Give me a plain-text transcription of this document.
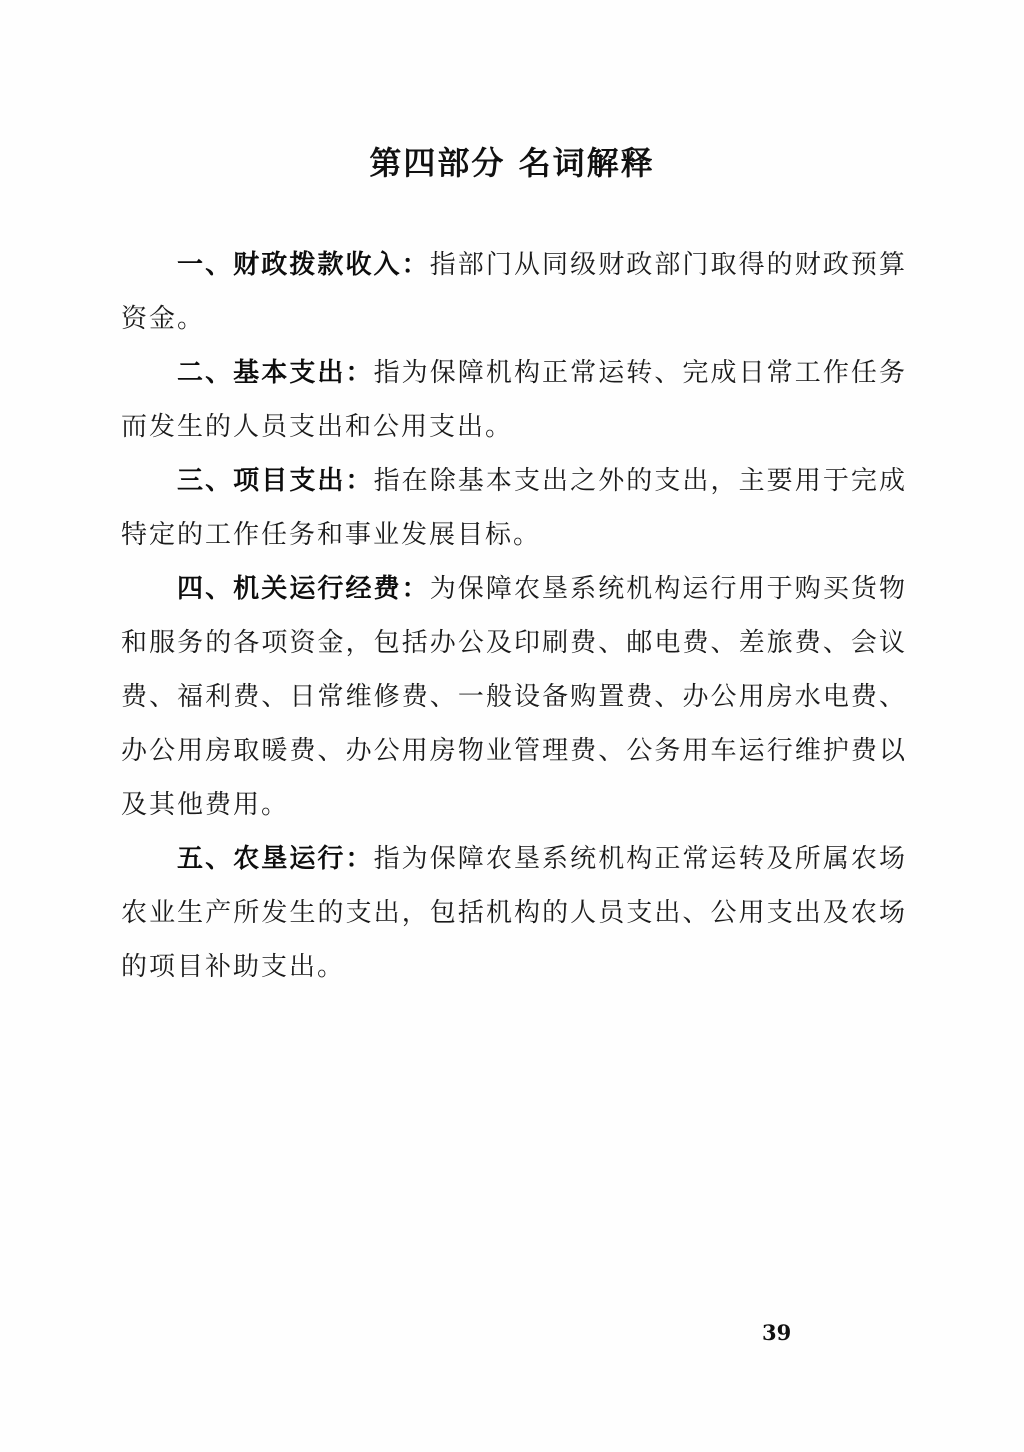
第四部分 名词解释

一、财政拨款收入：指部门从同级财政部门取得的财政预算资金。

二、基本支出：指为保障机构正常运转、完成日常工作任务而发生的人员支出和公用支出。

三、项目支出：指在除基本支出之外的支出，主要用于完成特定的工作任务和事业发展目标。

四、机关运行经费：为保障农垦系统机构运行用于购买货物和服务的各项资金，包括办公及印刷费、邮电费、差旅费、会议费、福利费、日常维修费、一般设备购置费、办公用房水电费、办公用房取暖费、办公用房物业管理费、公务用车运行维护费以及其他费用。

五、农垦运行：指为保障农垦系统机构正常运转及所属农场农业生产所发生的支出，包括机构的人员支出、公用支出及农场的项目补助支出。

39
